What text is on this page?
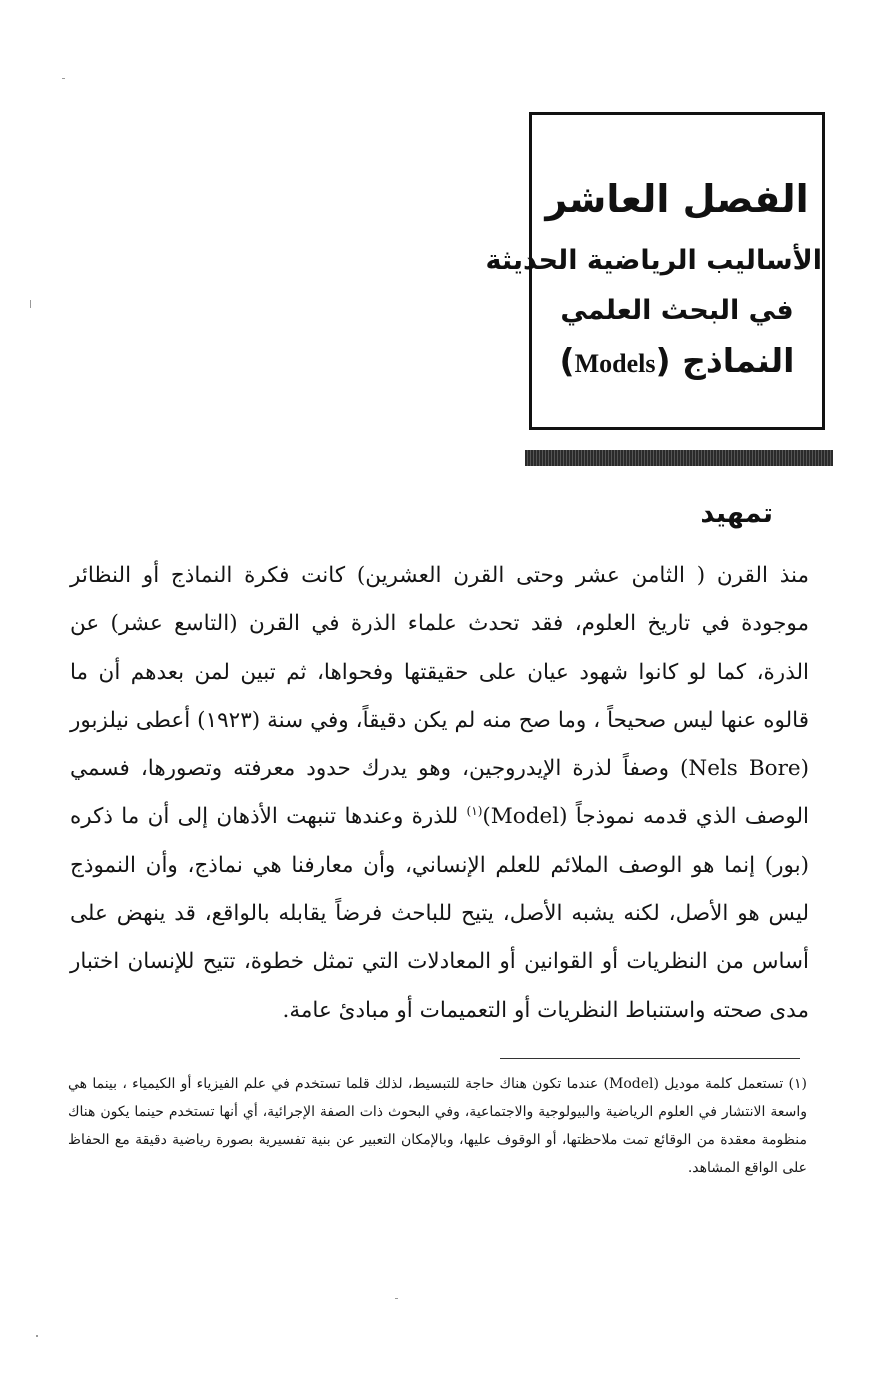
الفصل العاشر
الأساليب الرياضية الحديثة
في البحث العلمي
النماذج (Models)
تمهيد
منذ القرن ( الثامن عشر وحتى القرن العشرين) كانت فكرة النماذج أو النظائر موجودة في تاريخ العلوم، فقد تحدث علماء الذرة في القرن (التاسع عشر) عن الذرة، كما لو كانوا شهود عيان على حقيقتها وفحواها، ثم تبين لمن بعدهم أن ما قالوه عنها ليس صحيحاً ، وما صح منه لم يكن دقيقاً، وفي سنة (١٩٢٣) أعطى نيلزبور (Nels Bore) وصفاً لذرة الإيدروجين، وهو يدرك حدود معرفته وتصورها، فسمي الوصف الذي قدمه نموذجاً (Model)$^{(١)}$ للذرة وعندها تنبهت الأذهان إلى أن ما ذكره (بور) إنما هو الوصف الملائم للعلم الإنساني، وأن معارفنا هي نماذج، وأن النموذج ليس هو الأصل، لكنه يشبه الأصل، يتيح للباحث فرضاً يقابله بالواقع، قد ينهض على أساس من النظريات أو القوانين أو المعادلات التي تمثل خطوة، تتيح للإنسان اختبار مدى صحته واستنباط النظريات أو التعميمات أو مبادئ عامة.
(١) تستعمل كلمة موديل (Model) عندما تكون هناك حاجة للتبسيط، لذلك قلما تستخدم في علم الفيزياء أو الكيمياء ، بينما هي واسعة الانتشار في العلوم الرياضية والبيولوجية والاجتماعية، وفي البحوث ذات الصفة الإجرائية، أي أنها تستخدم حينما يكون هناك منظومة معقدة من الوقائع تمت ملاحظتها، أو الوقوف عليها، وبالإمكان التعبير عن بنية تفسيرية بصورة رياضية دقيقة مع الحفاظ على الواقع المشاهد.
